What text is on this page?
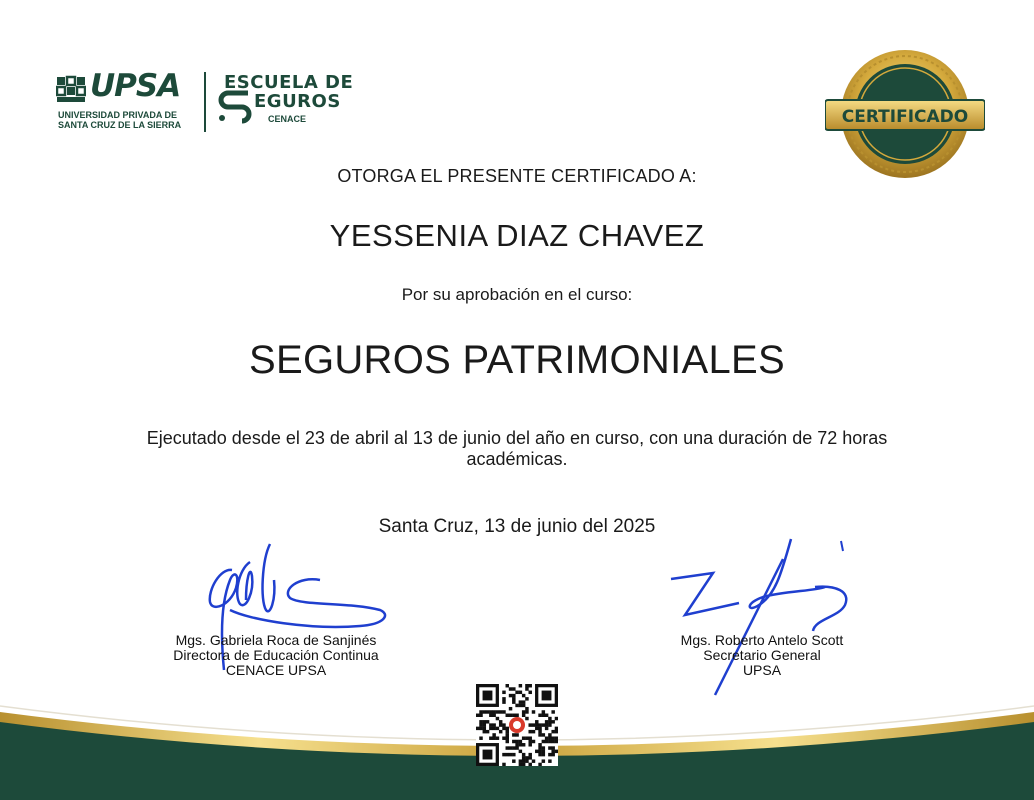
UPSA
UNIVERSIDAD PRIVADA DE
SANTA CRUZ DE LA SIERRA
ESCUELA DE
EGUROS
CENACE	CERTIFICADO
OTORGA EL PRESENTE CERTIFICADO A:
YESSENIA DIAZ CHAVEZ
Por su aprobación en el curso:
SEGUROS PATRIMONIALES
Ejecutado desde el 23 de abril al 13 de junio del año en curso, con una duración de 72 horas académicas.
Santa Cruz, 13 de junio del 2025
Mgs. Gabriela Roca de Sanjinés
Directora de Educación Continua
CENACE UPSA
Mgs. Roberto Antelo Scott
Secretario General
UPSA
